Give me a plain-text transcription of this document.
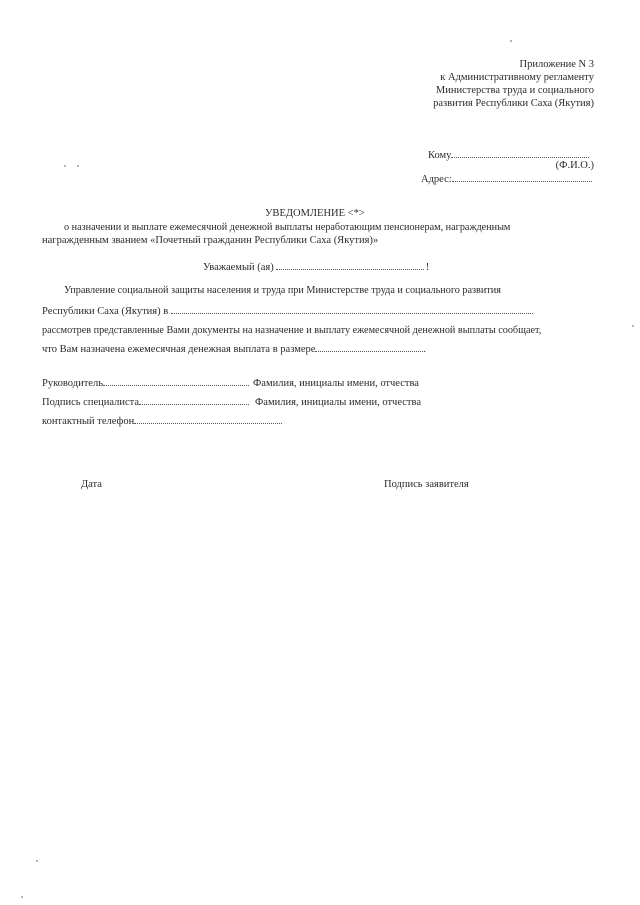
Приложение N 3
к Административному регламенту
Министерства труда и социального
развития Республики Саха (Якутия)
Кому
(Ф.И.О.)
Адрес:
УВЕДОМЛЕНИЕ <*>
о назначении и выплате ежемесячной денежной выплаты неработающим пенсионерам, награжденным
награжденным званием «Почетный гражданин Республики Саха (Якутия)»
Уважаемый (ая)	!
Управление социальной защиты населения и труда при Министерстве труда и социального развития
Республики Саха (Якутия) в
рассмотрев представленные Вами документы на назначение и выплату ежемесячной денежной выплаты сообщает,
что Вам назначена ежемесячная денежная выплата в размере	.
Руководитель	Фамилия, инициалы имени, отчества
Подпись специалиста	Фамилия, инициалы имени, отчества
контактный телефон
Дата	Подпись заявителя
